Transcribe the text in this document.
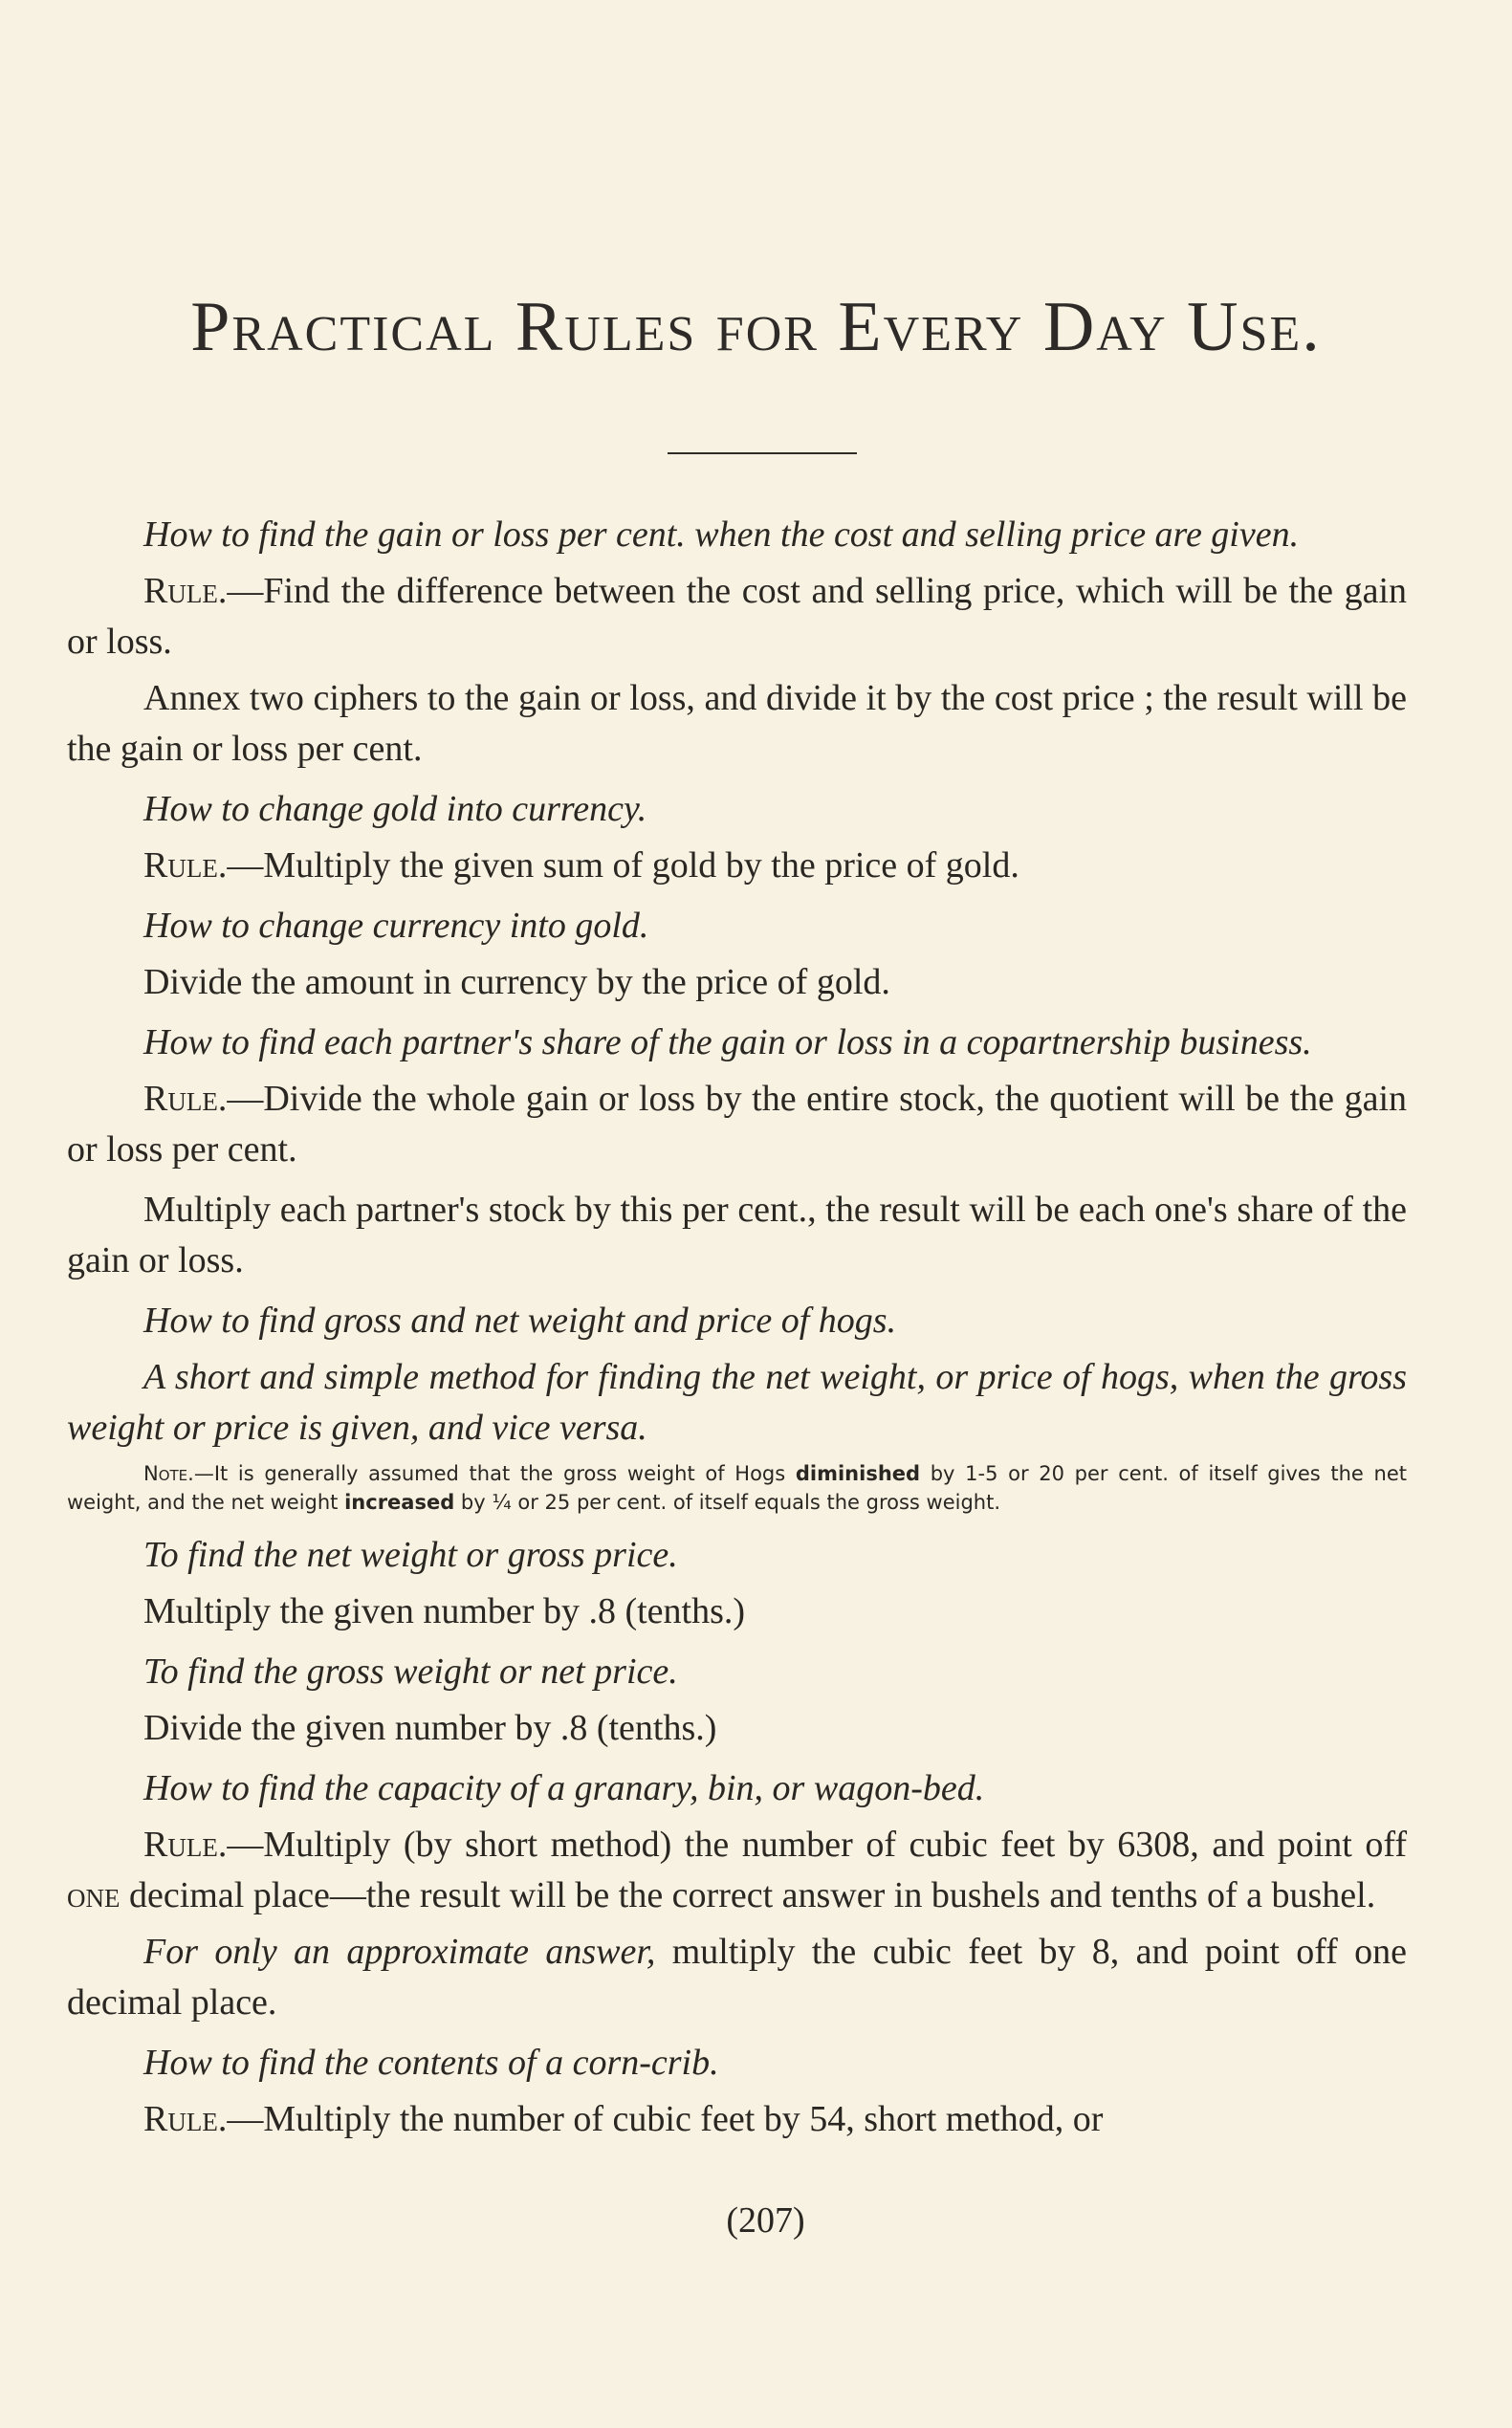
Practical Rules for Every Day Use.

How to find the gain or loss per cent. when the cost and selling price are given.

Rule.—Find the difference between the cost and selling price, which will be the gain or loss.

Annex two ciphers to the gain or loss, and divide it by the cost price ; the result will be the gain or loss per cent.

How to change gold into currency.

Rule.—Multiply the given sum of gold by the price of gold.

How to change currency into gold.

Divide the amount in currency by the price of gold.

How to find each partner's share of the gain or loss in a copartnership business.

Rule.—Divide the whole gain or loss by the entire stock, the quotient will be the gain or loss per cent.

Multiply each partner's stock by this per cent., the result will be each one's share of the gain or loss.

How to find gross and net weight and price of hogs.

A short and simple method for finding the net weight, or price of hogs, when the gross weight or price is given, and vice versa.

Note.—It is generally assumed that the gross weight of Hogs diminished by 1-5 or 20 per cent. of itself gives the net weight, and the net weight increased by ¼ or 25 per cent. of itself equals the gross weight.

To find the net weight or gross price.

Multiply the given number by .8 (tenths.)

To find the gross weight or net price.

Divide the given number by .8 (tenths.)

How to find the capacity of a granary, bin, or wagon-bed.

Rule.—Multiply (by short method) the number of cubic feet by 6308, and point off one decimal place—the result will be the correct answer in bushels and tenths of a bushel.

For only an approximate answer, multiply the cubic feet by 8, and point off one decimal place.

How to find the contents of a corn-crib.

Rule.—Multiply the number of cubic feet by 54, short method, or

(207)
